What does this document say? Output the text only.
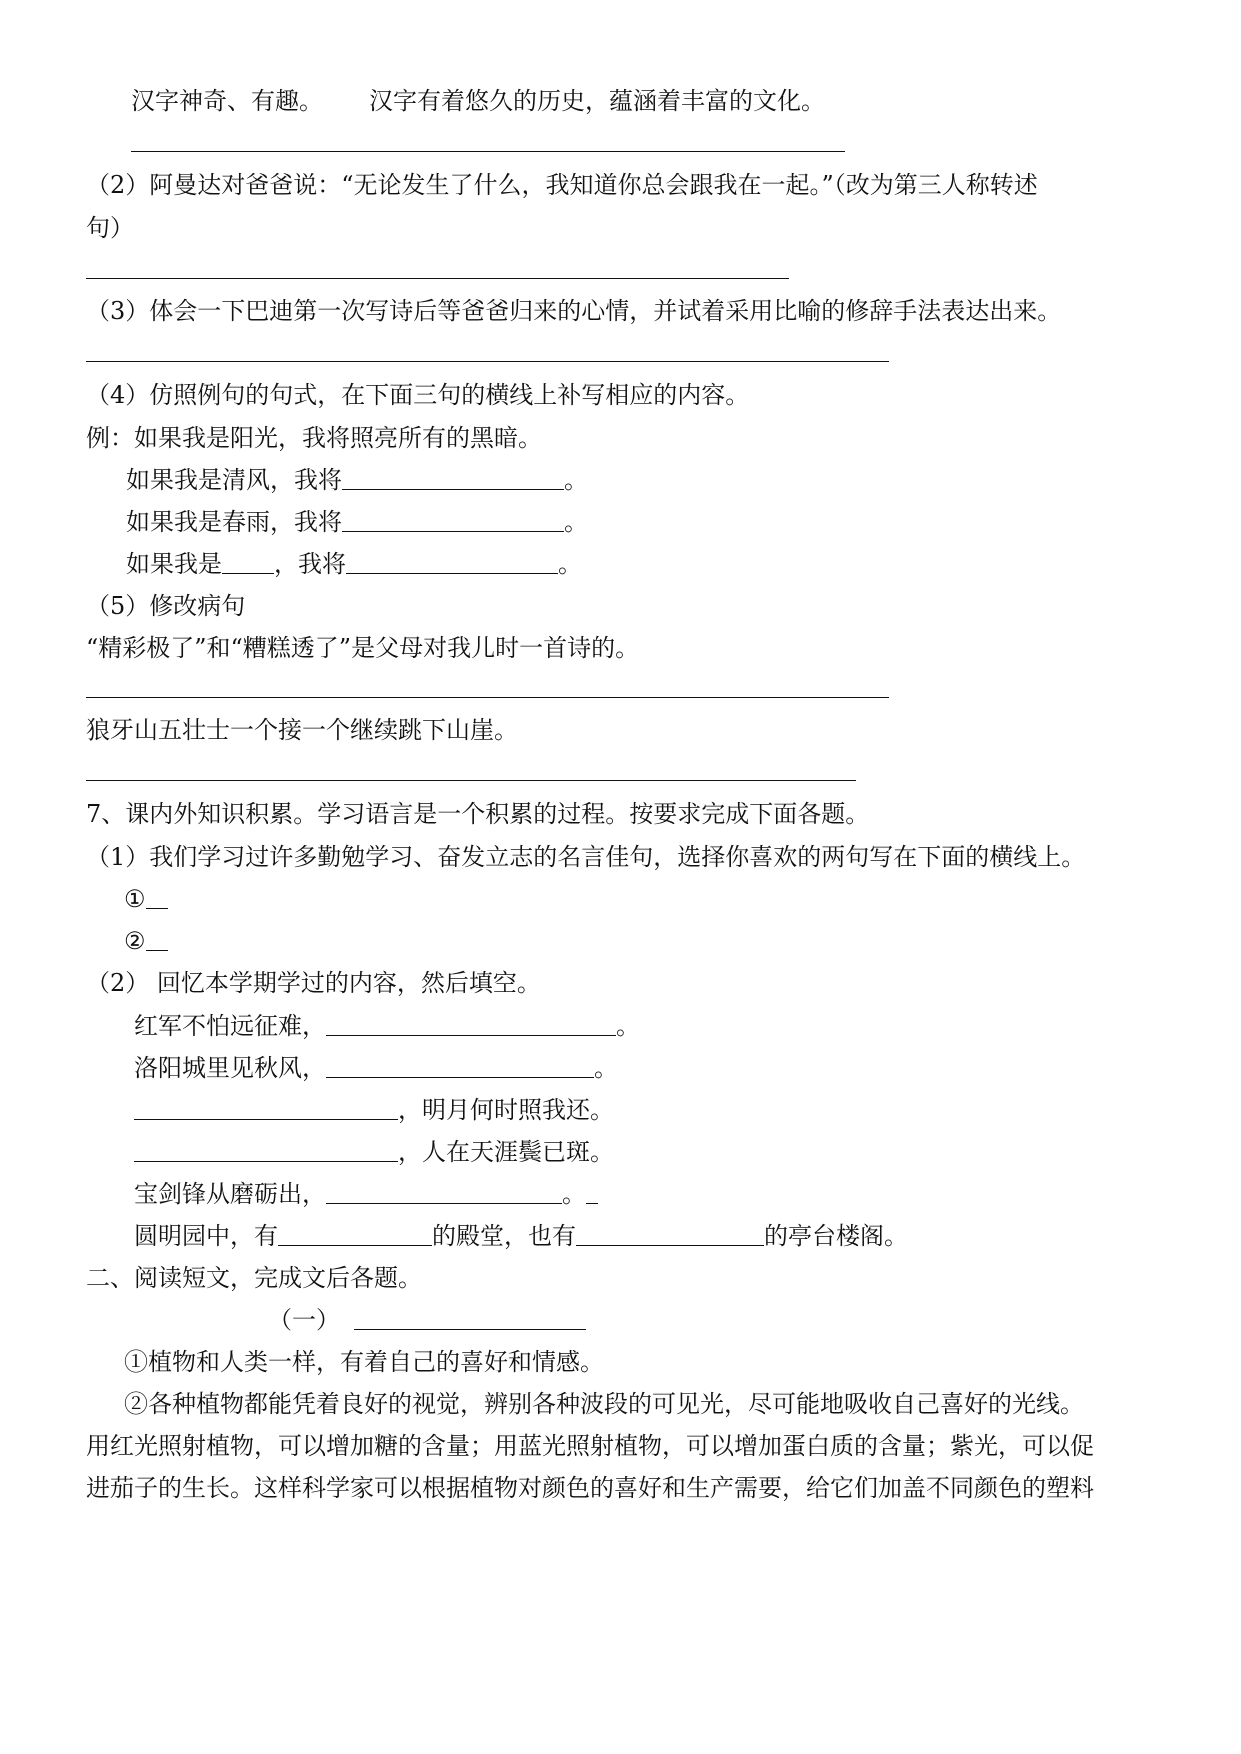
汉字神奇、有趣。 汉字有着悠久的历史，蕴涵着丰富的文化。
（2）阿曼达对爸爸说：“无论发生了什么，我知道你总会跟我在一起。”（改为第三人称转述
句）
（3）体会一下巴迪第一次写诗后等爸爸归来的心情，并试着采用比喻的修辞手法表达出来。
（4）仿照例句的句式，在下面三句的横线上补写相应的内容。
例：如果我是阳光，我将照亮所有的黑暗。
如果我是清风，我将	。
如果我是春雨，我将	。
如果我是 ，我将	。
（5）修改病句
“精彩极了”和“糟糕透了”是父母对我儿时一首诗的。
狼牙山五壮士一个接一个继续跳下山崖。
7、课内外知识积累。学习语言是一个积累的过程。按要求完成下面各题。
（1）我们学习过许多勤勉学习、奋发立志的名言佳句，选择你喜欢的两句写在下面的横线上。
①
②
（2） 回忆本学期学过的内容，然后填空。
红军不怕远征难，	。
洛阳城里见秋风，	。
，明月何时照我还。
，人在天涯鬓已斑。
宝剑锋从磨砺出，	。
圆明园中，有	的殿堂，也有	的亭台楼阁。
二、阅读短文，完成文后各题。
（一）
①植物和人类一样，有着自己的喜好和情感。
②各种植物都能凭着良好的视觉，辨别各种波段的可见光，尽可能地吸收自己喜好的光线。
用红光照射植物，可以增加糖的含量；用蓝光照射植物，可以增加蛋白质的含量；紫光，可以促
进茄子的生长。这样科学家可以根据植物对颜色的喜好和生产需要，给它们加盖不同颜色的塑料
